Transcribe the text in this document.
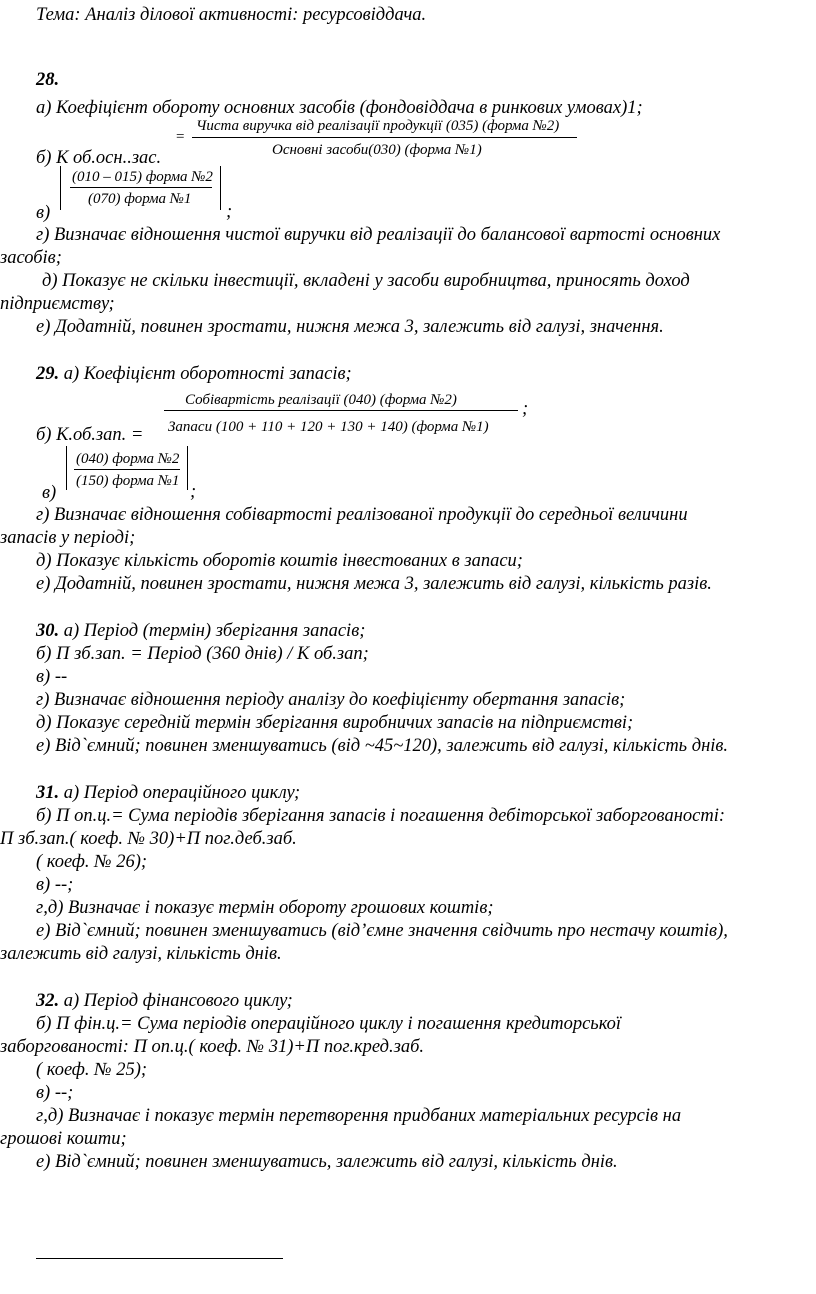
Тема: Аналіз ділової активності: ресурсовіддача.
28.
а) Коефіцієнт обороту основних засобів (фондовіддача в ринкових умовах)1;
Чиста виручка від реалізації продукції (035) (форма №2)
=
Основні засоби(030) (форма №1)
б) К об.осн..зас.
(010 – 015) форма №2
(070) форма №1
в)	;
г) Визначає відношення чистої виручки від реалізації до балансової вартості основних
засобів;
д) Показує не скільки інвестиції, вкладені у засоби виробництва, приносять доход
підприємству;
е) Додатній, повинен зростати, нижня межа 3, залежить від галузі, значення.
29. а) Коефіцієнт оборотності запасів;
Собівартість реалізації (040) (форма №2)	;
Запаси (100 + 110 + 120 + 130 + 140) (форма №1)
б) К.об.зап. =
(040) форма №2
(150) форма №1
в)	;
г) Визначає відношення собівартості реалізованої продукції до середньої величини
запасів у періоді;
д) Показує кількість оборотів коштів інвестованих в запаси;
е) Додатній, повинен зростати, нижня межа 3, залежить від галузі, кількість разів.
30. а) Період (термін) зберігання запасів;
б) П зб.зап. = Період (360 днів) / К об.зап;
в) --
г) Визначає відношення періоду аналізу до коефіцієнту обертання запасів;
д) Показує середній термін зберігання виробничих запасів на підприємстві;
е) Від`ємний; повинен зменшуватись (від ~45~120), залежить від галузі, кількість днів.
31. а) Період операційного циклу;
б) П оп.ц.= Сума періодів зберігання запасів і погашення дебіторської заборгованості:
П зб.зап.( коеф. № 30)+П пог.деб.заб.
( коеф. № 26);
в) --;
г,д) Визначає і показує термін обороту грошових коштів;
е) Від`ємний; повинен зменшуватись (від’ємне значення свідчить про нестачу коштів),
залежить від галузі, кількість днів.
32. а) Період фінансового циклу;
б) П фін.ц.= Сума періодів операційного циклу і погашення кредиторської
заборгованості: П оп.ц.( коеф. № 31)+П пог.кред.заб.
( коеф. № 25);
в) --;
г,д) Визначає і показує термін перетворення придбаних матеріальних ресурсів на
грошові кошти;
е) Від`ємний; повинен зменшуватись, залежить від галузі, кількість днів.
